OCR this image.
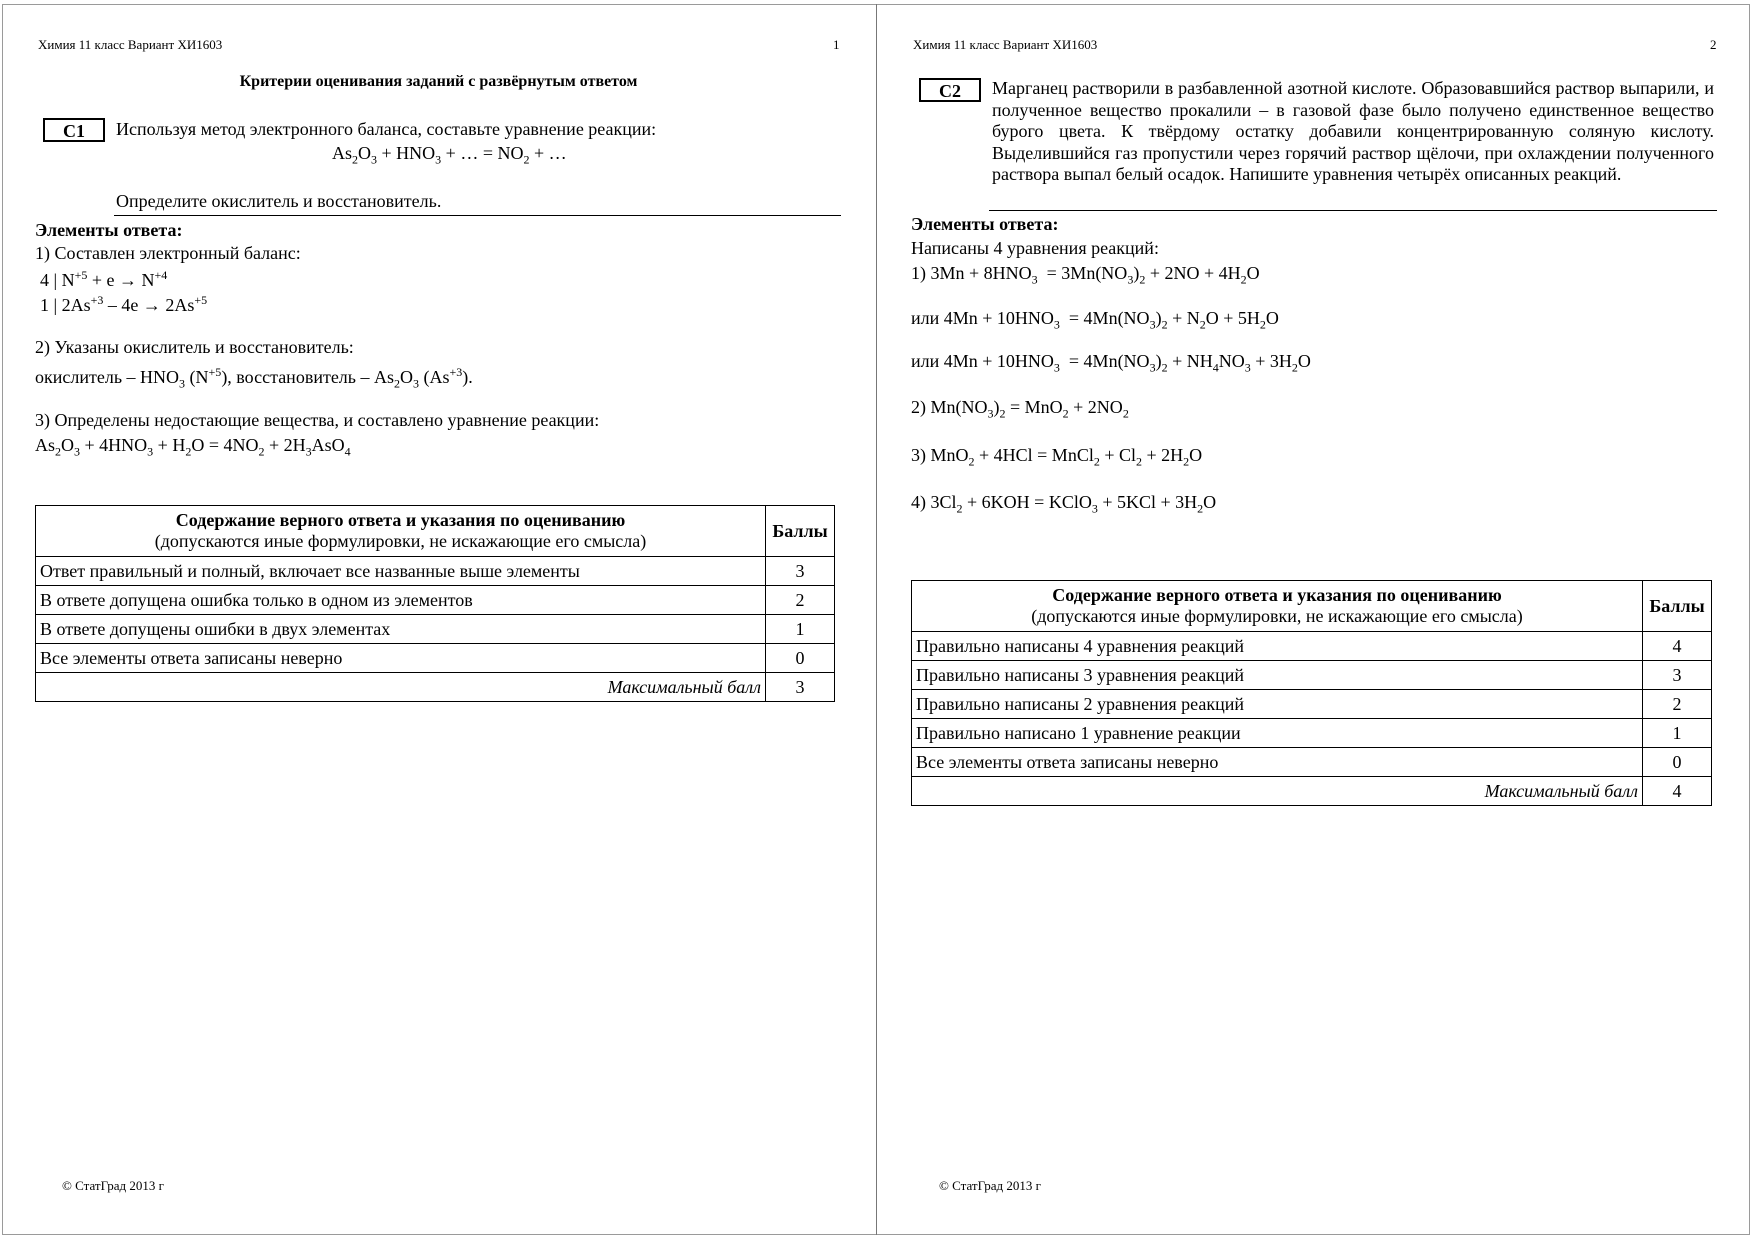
Химия 11 класс Вариант ХИ1603	1
Критерии оценивания заданий с развёрнутым ответом
С1	Используя метод электронного баланса, составьте уравнение реакции:
$As_2O_3 + HNO_3$ + … = $NO_2$ + …
Определите окислитель и восстановитель.
Элементы ответа:
1) Составлен электронный баланс:
4 | $N^{+5} + e \to N^{+4}$
1 | $2As^{+3} - 4e \to 2As^{+5}$
2) Указаны окислитель и восстановитель:
окислитель – $HNO_3$ $(N^{+5})$, восстановитель – $As_2O_3$ $(As^{+3})$.
3) Определены недостающие вещества, и составлено уравнение реакции:
$As_2O_3 + 4HNO_3 + H_2O = 4NO_2 + 2H_3AsO_4$
Содержание верного ответа и указания по оцениванию
(допускаются иные формулировки, не искажающие его смысла)	Баллы
Ответ правильный и полный, включает все названные выше элементы	3
В ответе допущена ошибка только в одном из элементов	2
В ответе допущены ошибки в двух элементах	1
Все элементы ответа записаны неверно	0
Максимальный балл	3
© СтатГрад 2013 г
Химия 11 класс Вариант ХИ1603	2
С2	Марганец растворили в разбавленной азотной кислоте. Образовавшийся раствор выпарили, и полученное вещество прокалили – в газовой фазе было получено единственное вещество бурого цвета. К твёрдому остатку добавили концентрированную соляную кислоту. Выделившийся газ пропустили через горячий раствор щёлочи, при охлаждении полученного раствора выпал белый осадок. Напишите уравнения четырёх описанных реакций.
Элементы ответа:
Написаны 4 уравнения реакций:
1) $3Mn + 8HNO_3 = 3Mn(NO_3)_2 + 2NO + 4H_2O$
или $4Mn + 10HNO_3 = 4Mn(NO_3)_2 + N_2O + 5H_2O$
или $4Mn + 10HNO_3 = 4Mn(NO_3)_2 + NH_4NO_3 + 3H_2O$
2) $Mn(NO_3)_2 = MnO_2 + 2NO_2$
3) MnO$_2$ + 4HCl = MnCl$_2$ + $Cl_2 + 2H_2O$
4) $3Cl_2 + 6KOH$ = KClO$_3$ + $5KCl + 3H_2O$
Содержание верного ответа и указания по оцениванию
(допускаются иные формулировки, не искажающие его смысла)	Баллы
Правильно написаны 4 уравнения реакций	4
Правильно написаны 3 уравнения реакций	3
Правильно написаны 2 уравнения реакций	2
Правильно написано 1 уравнение реакции	1
Все элементы ответа записаны неверно	0
Максимальный балл	4
© СтатГрад 2013 г
